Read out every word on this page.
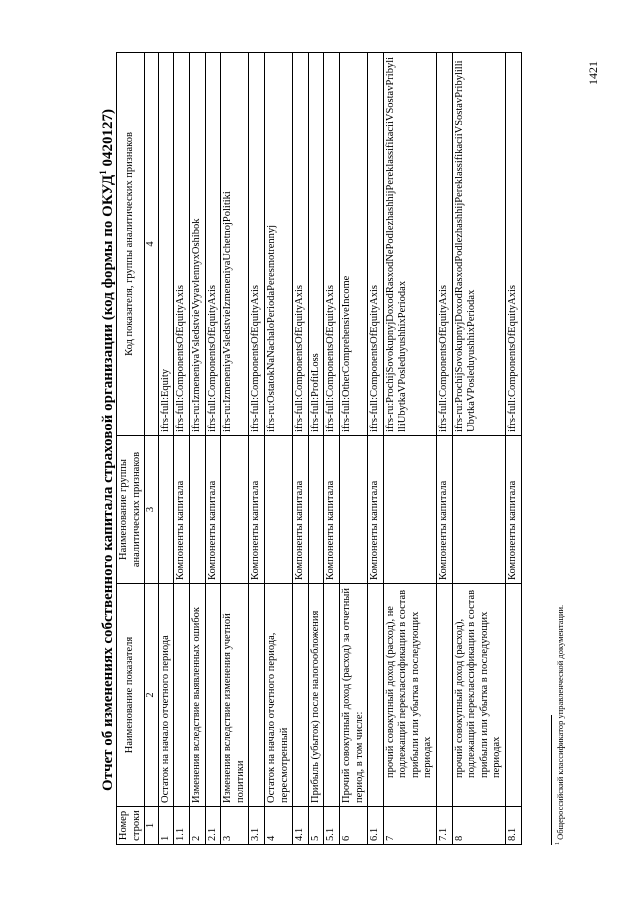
Отчет об изменениях собственного капитала страховой организации (код формы по ОКУД$^1$ 0420127)
Номер строки	Наименование показателя	Наименование группы аналитических признаков	Код показателя, группы аналитических признаков
1	2	3	4
1	Остаток на начало отчетного периода		ifrs-full:Equity
1.1		Компоненты капитала	ifrs-full:ComponentsOfEquityAxis
2	Изменения вследствие выявленных ошибок		ifrs-ru:IzmeneniyaVsledstvieVyyavlennyxOshibok
2.1		Компоненты капитала	ifrs-full:ComponentsOfEquityAxis
3	Изменения вследствие изменения учетной политики		ifrs-ru:IzmeneniyaVsledstvieIzmeneniyaUchetnojPolitiki
3.1		Компоненты капитала	ifrs-full:ComponentsOfEquityAxis
4	Остаток на начало отчетного периода, пересмотренный		ifrs-ru:OstatokNaNachaloPeriodaPeresmotrennyj
4.1		Компоненты капитала	ifrs-full:ComponentsOfEquityAxis
5	Прибыль (убыток) после налогообложения		ifrs-full:ProfitLoss
5.1		Компоненты капитала	ifrs-full:ComponentsOfEquityAxis
6	Прочий совокупный доход (расход) за отчетный период, в том числе:		ifrs-full:OtherComprehensiveIncome
6.1		Компоненты капитала	ifrs-full:ComponentsOfEquityAxis
7	прочий совокупный доход (расход), не подлежащий переклассификации в состав прибыли или убытка в последующих периодах		ifrs-ru:ProchijSovokupnyjDoxodRasxodNePodlezhashhijPereklassifikaciiVSostavPribylilliUbytkaVPosleduyushhixPeriodax
7.1		Компоненты капитала	ifrs-full:ComponentsOfEquityAxis
8	прочий совокупный доход (расход), подлежащий переклассификации в состав прибыли или убытка в последующих периодах		ifrs-ru:ProchijSovokupnyjDoxodRasxodPodlezhashhijPereklassifikaciiVSostavPribylilliUbytkaVPosleduyushhixPeriodax
8.1		Компоненты капитала	ifrs-full:ComponentsOfEquityAxis
1421
$^1$ Общероссийский классификатор управленческой документации.
